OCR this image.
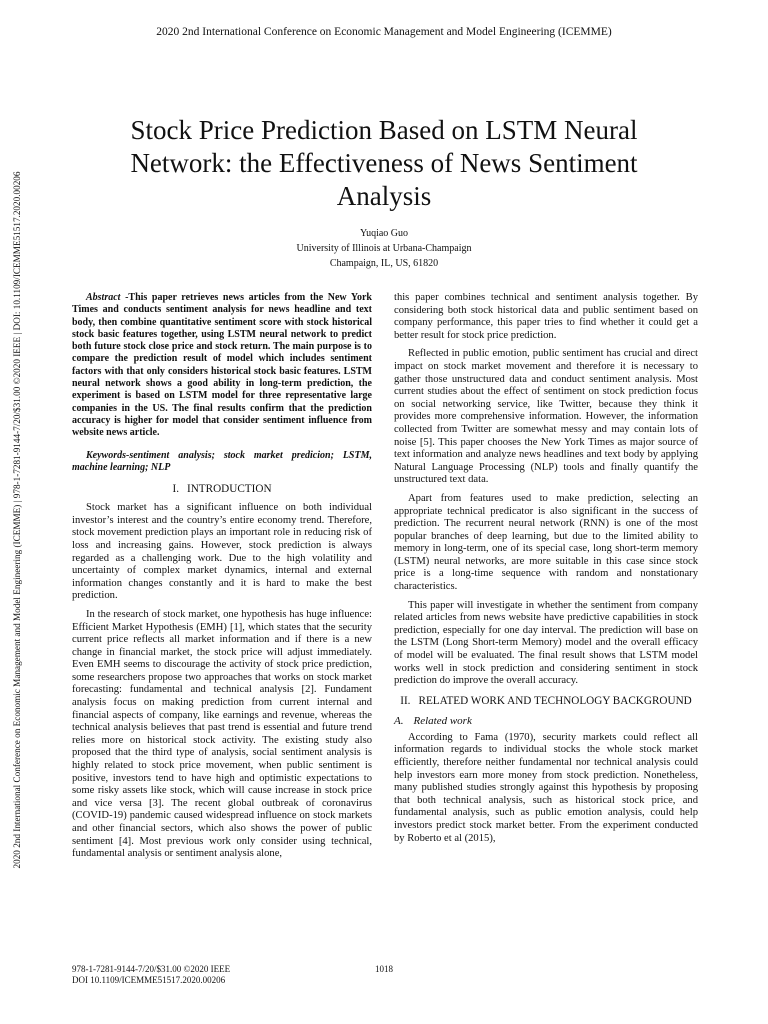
2020 2nd International Conference on Economic Management and Model Engineering (ICEMME)
2020 2nd International Conference on Economic Management and Model Engineering (ICEMME) | 978-1-7281-9144-7/20/$31.00 ©2020 IEEE | DOI: 10.1109/ICEMME51517.2020.00206
Stock Price Prediction Based on LSTM Neural Network: the Effectiveness of News Sentiment Analysis
Yuqiao Guo
University of Illinois at Urbana-Champaign
Champaign, IL, US, 61820

Abstract -This paper retrieves news articles from the New York Times and conducts sentiment analysis for news headline and text body, then combine quantitative sentiment score with stock historical stock basic features together, using LSTM neural network to predict both future stock close price and stock return. The main purpose is to compare the prediction result of model which includes sentiment factors with that only considers historical stock basic features. LSTM neural network shows a good ability in long-term prediction, the experiment is based on LSTM model for three representative large companies in the US. The final results confirm that the prediction accuracy is higher for model that consider sentiment influence from website news article.

Keywords-sentiment analysis; stock market predicion; LSTM, machine learning; NLP

I. INTRODUCTION

Stock market has a significant influence on both individual investor’s interest and the country’s entire economy trend. Therefore, stock movement prediction plays an important role in reducing risk of loss and increasing gains. However, stock prediction is always regarded as a challenging work. Due to the high volatility and uncertainty of complex market dynamics, internal and external information changes constantly and it is hard to make the best prediction.

In the research of stock market, one hypothesis has huge influence: Efficient Market Hypothesis (EMH) [1], which states that the security current price reflects all market information and if there is a new change in financial market, the stock price will adjust immediately. Even EMH seems to discourage the activity of stock price prediction, some researchers propose two approaches that works on stock market forecasting: fundamental and technical analysis [2]. Fundament analysis focus on making prediction from current internal and financial aspects of company, like earnings and revenue, whereas the technical analysis believes that past trend is essential and future trend relies more on historical stock activity. The existing study also proposed that the third type of analysis, social sentiment analysis is highly related to stock price movement, when public sentiment is positive, investors tend to have high and optimistic expectations to some risky assets like stock, which will cause increase in stock price and vice versa [3]. The recent global outbreak of coronavirus (COVID-19) pandemic caused widespread influence on stock markets and other financial sectors, which also shows the power of public sentiment [4]. Most previous work only consider using technical, fundamental analysis or sentiment analysis alone,

this paper combines technical and sentiment analysis together. By considering both stock historical data and public sentiment based on company performance, this paper tries to find whether it could get a better result for stock price prediction.

Reflected in public emotion, public sentiment has crucial and direct impact on stock market movement and therefore it is necessary to gather those unstructured data and conduct sentiment analysis. Most current studies about the effect of sentiment on stock prediction focus on social networking service, like Twitter, because they think it provides more comprehensive information. However, the information collected from Twitter are somewhat messy and may contain lots of noise [5]. This paper chooses the New York Times as major source of text information and analyze news headlines and text body by applying Natural Language Processing (NLP) tools and finally quantify the unstructured text data.

Apart from features used to make prediction, selecting an appropriate technical predicator is also significant in the success of prediction. The recurrent neural network (RNN) is one of the most popular branches of deep learning, but due to the limited ability to memory in long-term, one of its special case, long short-term memory (LSTM) neural networks, are more suitable in this case since stock price is a long-time sequence with random and nonstationary characteristics.

This paper will investigate in whether the sentiment from company related articles from news website have predictive capabilities in stock prediction, especially for one day interval. The prediction will base on the LSTM (Long Short-term Memory) model and the overall efficacy of model will be evaluated. The final result shows that LSTM model works well in stock prediction and considering sentiment in stock prediction do improve the overall accuracy.

II. RELATED WORK AND TECHNOLOGY BACKGROUND
A. Related work

According to Fama (1970), security markets could reflect all information regards to individual stocks the whole stock market efficiently, therefore neither fundamental nor technical analysis could help investors earn more money from stock prediction. Nonetheless, many published studies strongly against this hypothesis by proposing that both technical analysis, such as historical stock price, and fundamental analysis, such as public emotion analysis, could help investors predict stock market better. From the experiment conducted by Roberto et al (2015),

978-1-7281-9144-7/20/$31.00 ©2020 IEEE
DOI 10.1109/ICEMME51517.2020.00206
1018
